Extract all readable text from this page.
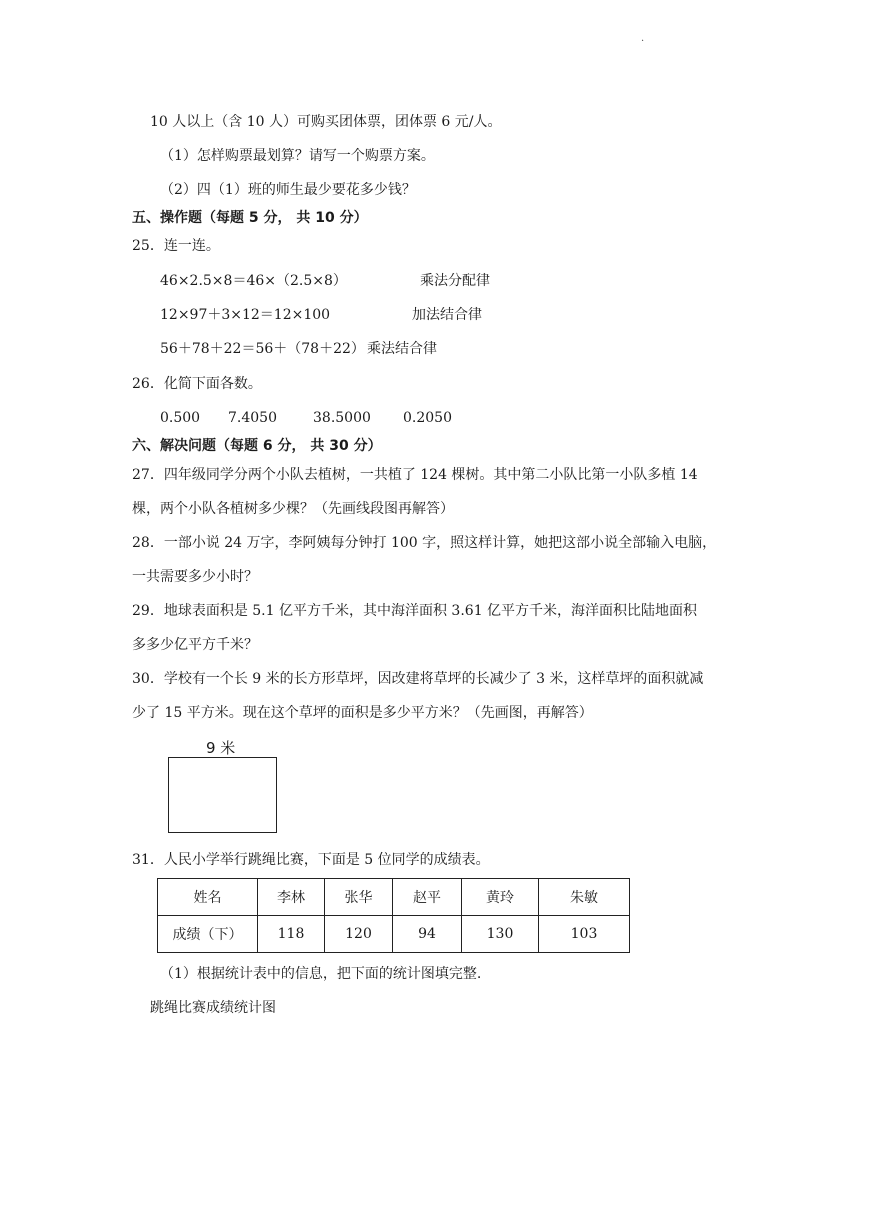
·
10 人以上（含 10 人）可购买团体票，团体票 6 元/人。
（1）怎样购票最划算？请写一个购票方案。
（2）四（1）班的师生最少要花多少钱？
五、操作题（每题 5 分， 共 10 分）
25．连一连。
46×2.5×8＝46×（2.5×8）	乘法分配律
12×97＋3×12＝12×100	加法结合律
56＋78＋22＝56＋（78＋22） 乘法结合律
26．化简下面各数。
0.500 7.4050	38.5000 0.2050
六、解决问题（每题 6 分， 共 30 分）
27．四年级同学分两个小队去植树，一共植了 124 棵树。其中第二小队比第一小队多植 14
棵，两个小队各植树多少棵？（先画线段图再解答）
28．一部小说 24 万字，李阿姨每分钟打 100 字，照这样计算，她把这部小说全部输入电脑，
一共需要多少小时？
29．地球表面积是 5.1 亿平方千米，其中海洋面积 3.61 亿平方千米，海洋面积比陆地面积
多多少亿平方千米？
30．学校有一个长 9 米的长方形草坪，因改建将草坪的长减少了 3 米，这样草坪的面积就减
少了 15 平方米。现在这个草坪的面积是多少平方米？（先画图，再解答）
9 米
31．人民小学举行跳绳比赛，下面是 5 位同学的成绩表。
姓名	李林	张华	赵平	黄玲	朱敏
成绩（下）	118	120	94	130	103
（1）根据统计表中的信息，把下面的统计图填完整.
跳绳比赛成绩统计图
